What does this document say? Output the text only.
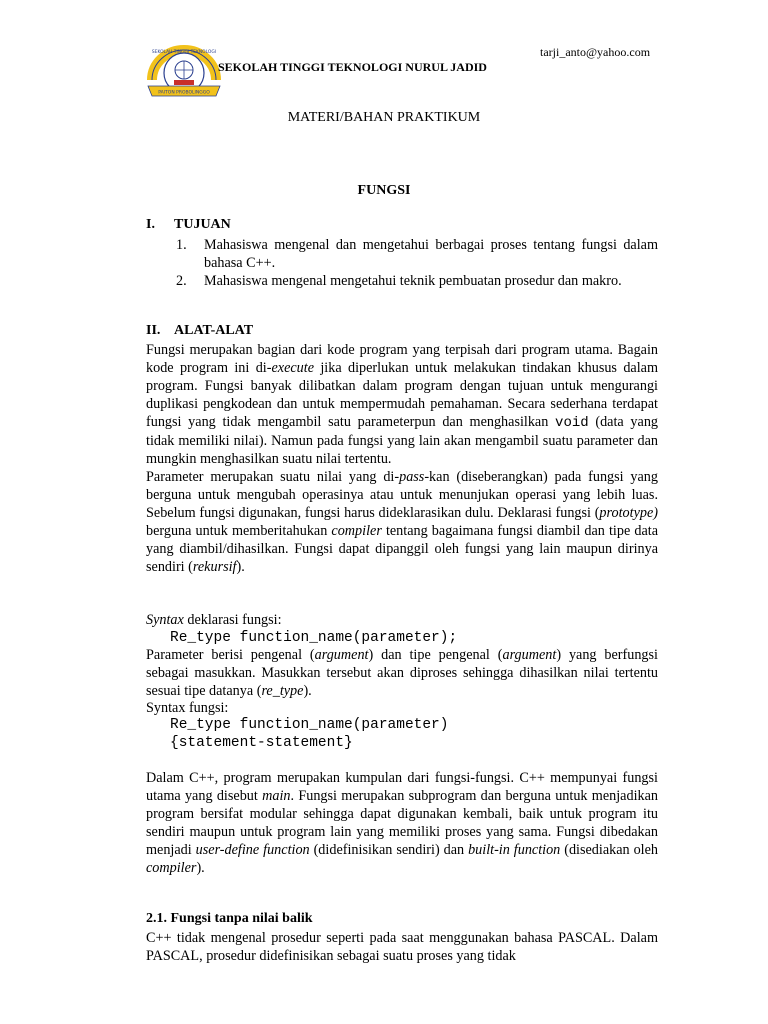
tarji_anto@yahoo.com
PAITON PROBOLINGGO
SEKOLAH TINGGI TEKNOLOGI
SEKOLAH TINGGI TEKNOLOGI NURUL JADID
MATERI/BAHAN PRAKTIKUM
FUNGSI
I. TUJUAN
1. Mahasiswa mengenal dan mengetahui berbagai proses tentang fungsi dalam bahasa C++.
2. Mahasiswa mengenal mengetahui teknik pembuatan prosedur dan makro.
II. ALAT-ALAT
Fungsi merupakan bagian dari kode program yang terpisah dari program utama. Bagain kode program ini di-execute jika diperlukan untuk melakukan tindakan khusus dalam program. Fungsi banyak dilibatkan dalam program dengan tujuan untuk mengurangi duplikasi pengkodean dan untuk mempermudah pemahaman. Secara sederhana terdapat fungsi yang tidak mengambil satu parameterpun dan menghasilkan void (data yang tidak memiliki nilai). Namun pada fungsi yang lain akan mengambil suatu parameter dan mungkin menghasilkan suatu nilai tertentu.
Parameter merupakan suatu nilai yang di-pass-kan (diseberangkan) pada fungsi yang berguna untuk mengubah operasinya atau untuk menunjukan operasi yang lebih luas. Sebelum fungsi digunakan, fungsi harus dideklarasikan dulu. Deklarasi fungsi (prototype) berguna untuk memberitahukan compiler tentang bagaimana fungsi diambil dan tipe data yang diambil/dihasilkan. Fungsi dapat dipanggil oleh fungsi yang lain maupun dirinya sendiri (rekursif).
Syntax deklarasi fungsi:
Re_type function_name(parameter);
Parameter berisi pengenal (argument) dan tipe pengenal (argument) yang berfungsi sebagai masukkan. Masukkan tersebut akan diproses sehingga dihasilkan nilai tertentu sesuai tipe datanya (re_type).
Syntax fungsi:
Re_type function_name(parameter)
{statement-statement}
Dalam C++, program merupakan kumpulan dari fungsi-fungsi. C++ mempunyai fungsi utama yang disebut main. Fungsi merupakan subprogram dan berguna untuk menjadikan program bersifat modular sehingga dapat digunakan kembali, baik untuk program itu sendiri maupun untuk program lain yang memiliki proses yang sama. Fungsi dibedakan menjadi user-define function (didefinisikan sendiri) dan built-in function (disediakan oleh compiler).
2.1. Fungsi tanpa nilai balik
C++ tidak mengenal prosedur seperti pada saat menggunakan bahasa PASCAL. Dalam PASCAL, prosedur didefinisikan sebagai suatu proses yang tidak
